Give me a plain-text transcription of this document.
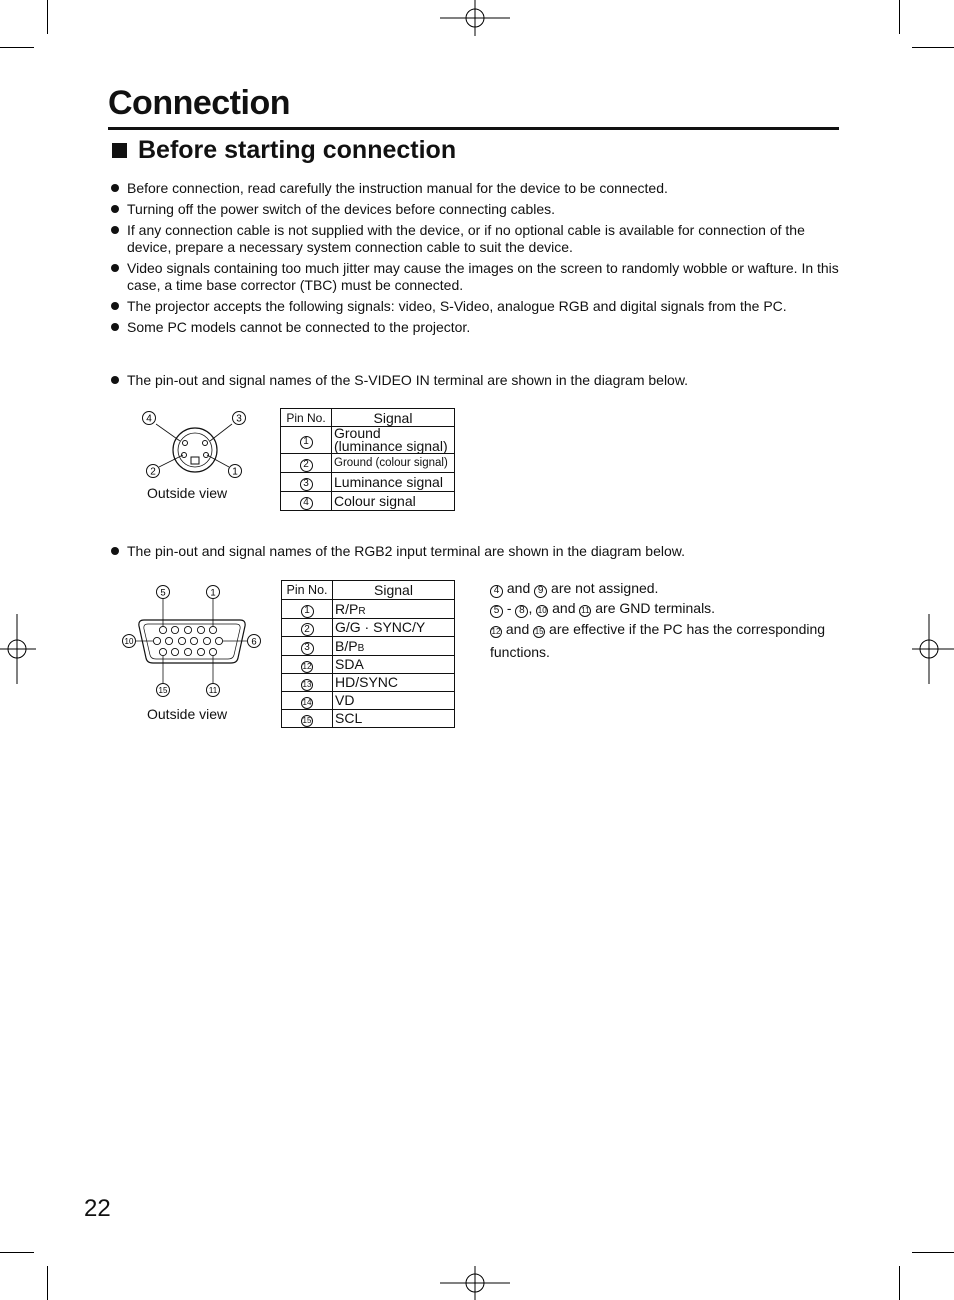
Connection
Before starting connection
Before connection, read carefully the instruction manual for the device to be connected.
Turning off the power switch of the devices before connecting cables.
If any connection cable is not supplied with the device, or if no optional cable is available for connection of the device, prepare a necessary system connection cable to suit the device.
Video signals containing too much jitter may cause the images on the screen to randomly wobble or wafture. In this case, a time base corrector (TBC) must be connected.
The projector accepts the following signals: video, S-Video, analogue RGB and digital signals from the PC.
Some PC models cannot be connected to the projector.
The pin-out and signal names of the S-VIDEO IN terminal are shown in the diagram below.
4	3
2	1
Outside view
Pin No.	Signal
1	Ground (luminance signal)
2	Ground (colour signal)
3	Luminance signal
4	Colour signal
The pin-out and signal names of the RGB2 input terminal are shown in the diagram below.
5	1
10	6
15	11
Outside view
Pin No.	Signal
1	R/PR
2	G/G · SYNC/Y
3	B/PB
12	SDA
13	HD/SYNC
14	VD
15	SCL
4 and 9 are not assigned.
5 - 8 , 10 and 11 are GND terminals.
12 and 15 are effective if the PC has the corresponding functions.
22
